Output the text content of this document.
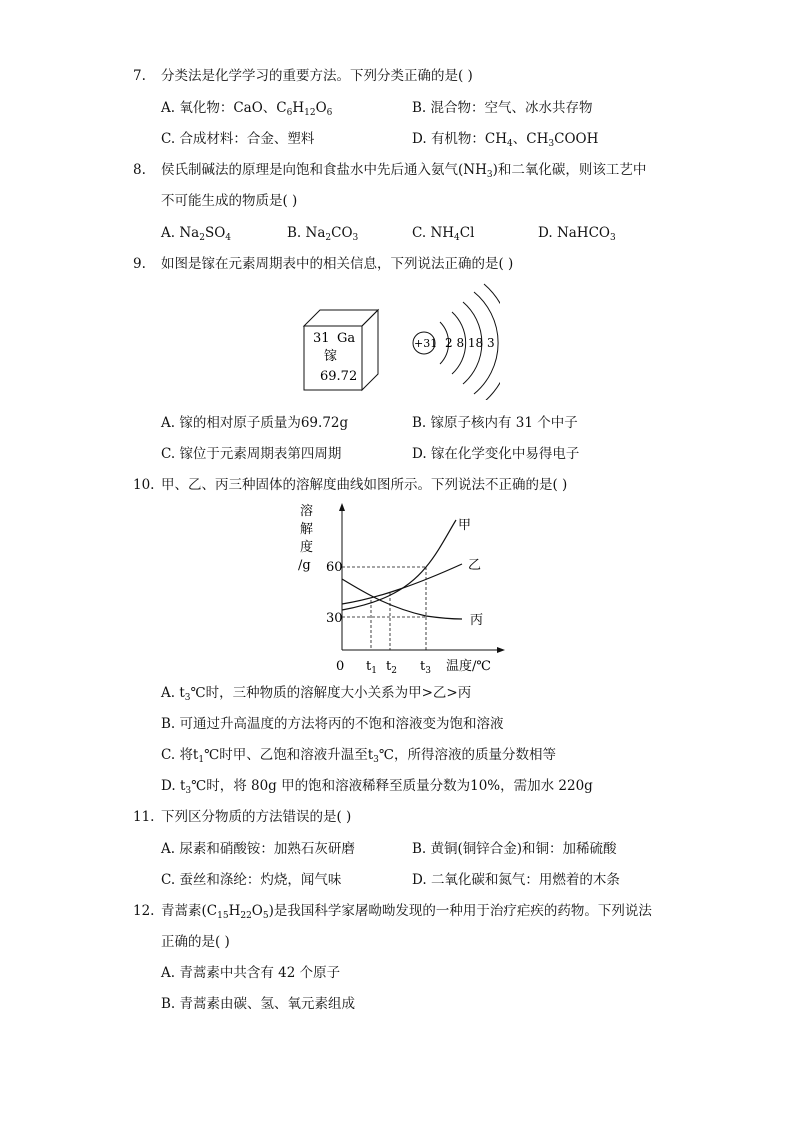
7. 分类法是化学学习的重要方法。下列分类正确的是( )
A. 氧化物：CaO、$C_6H_{12}O_6$	B. 混合物：空气、冰水共存物
C. 合成材料：合金、塑料	D. 有机物：$CH_4$、$CH_3COOH$
8. 侯氏制碱法的原理是向饱和食盐水中先后通入氨气$(NH_3)$和二氧化碳，则该工艺中
不可能生成的物质是( )
A. $Na_2SO_4$	B. $Na_2CO_3$	C. $NH_4Cl$	D. NaHCO$_3$
9. 如图是镓在元素周期表中的相关信息，下列说法正确的是( )
31 Ga
镓
69.72
+31 2 8 18 3
A. 镓的相对原子质量为69.72g	B. 镓原子核内有 31 个中子
C. 镓位于元素周期表第四周期	D. 镓在化学变化中易得电子
10. 甲、乙、丙三种固体的溶解度曲线如图所示。下列说法不正确的是( )
溶
解
度
/g 60
30
0 $t_1$ $t_2$ $t_3$ 温度/℃
甲
乙
丙
A. $t_3℃$时，三种物质的溶解度大小关系为甲>乙>丙
B. 可通过升高温度的方法将丙的不饱和溶液变为饱和溶液
C. 将$t_1℃$时甲、乙饱和溶液升温至$t_3℃$，所得溶液的质量分数相等
D. $t_3℃$时，将 80g 甲的饱和溶液稀释至质量分数为10%，需加水 220g
11. 下列区分物质的方法错误的是( )
A. 尿素和硝酸铵：加熟石灰研磨	B. 黄铜(铜锌合金)和铜：加稀硫酸
C. 蚕丝和涤纶：灼烧，闻气味	D. 二氧化碳和氮气：用燃着的木条
12. 青蒿素$(C_{15}H_{22}O_5)$是我国科学家屠呦呦发现的一种用于治疗疟疾的药物。下列说法
正确的是( )
A. 青蒿素中共含有 42 个原子
B. 青蒿素由碳、氢、氧元素组成
